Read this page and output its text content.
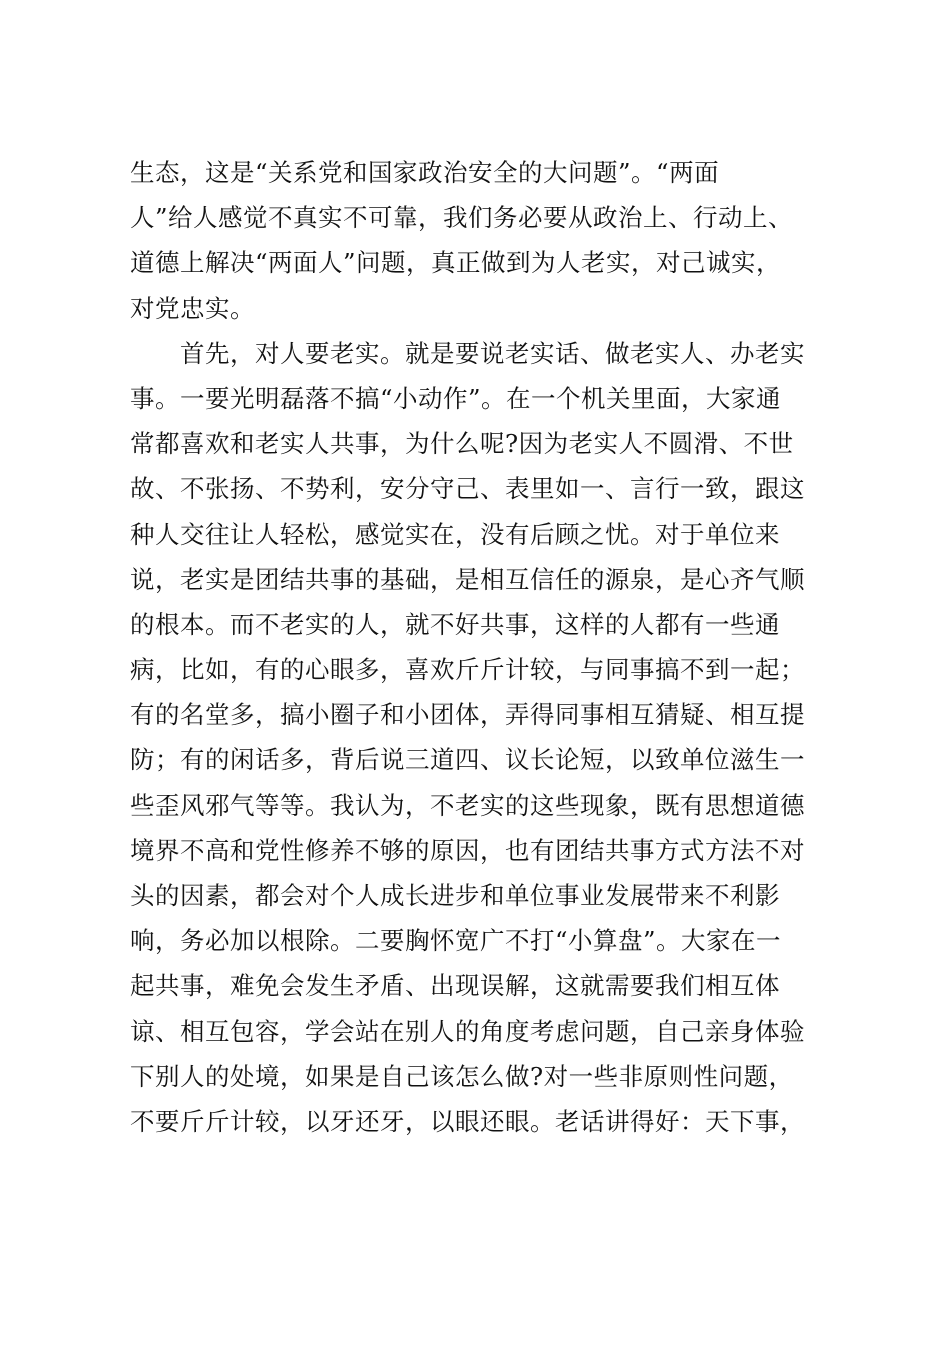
生态，这是“关系党和国家政治安全的大问题”。“两面
人”给人感觉不真实不可靠，我们务必要从政治上、行动上、
道德上解决“两面人”问题，真正做到为人老实，对己诚实，
对党忠实。
　　首先，对人要老实。就是要说老实话、做老实人、办老实
事。一要光明磊落不搞“小动作”。在一个机关里面，大家通
常都喜欢和老实人共事，为什么呢?因为老实人不圆滑、不世
故、不张扬、不势利，安分守己、表里如一、言行一致，跟这
种人交往让人轻松，感觉实在，没有后顾之忧。对于单位来
说，老实是团结共事的基础，是相互信任的源泉，是心齐气顺
的根本。而不老实的人，就不好共事，这样的人都有一些通
病，比如，有的心眼多，喜欢斤斤计较，与同事搞不到一起；
有的名堂多，搞小圈子和小团体，弄得同事相互猜疑、相互提
防；有的闲话多，背后说三道四、议长论短，以致单位滋生一
些歪风邪气等等。我认为，不老实的这些现象，既有思想道德
境界不高和党性修养不够的原因，也有团结共事方式方法不对
头的因素，都会对个人成长进步和单位事业发展带来不利影
响，务必加以根除。二要胸怀宽广不打“小算盘”。大家在一
起共事，难免会发生矛盾、出现误解，这就需要我们相互体
谅、相互包容，学会站在别人的角度考虑问题，自己亲身体验
下别人的处境，如果是自己该怎么做?对一些非原则性问题，
不要斤斤计较，以牙还牙，以眼还眼。老话讲得好：天下事，
